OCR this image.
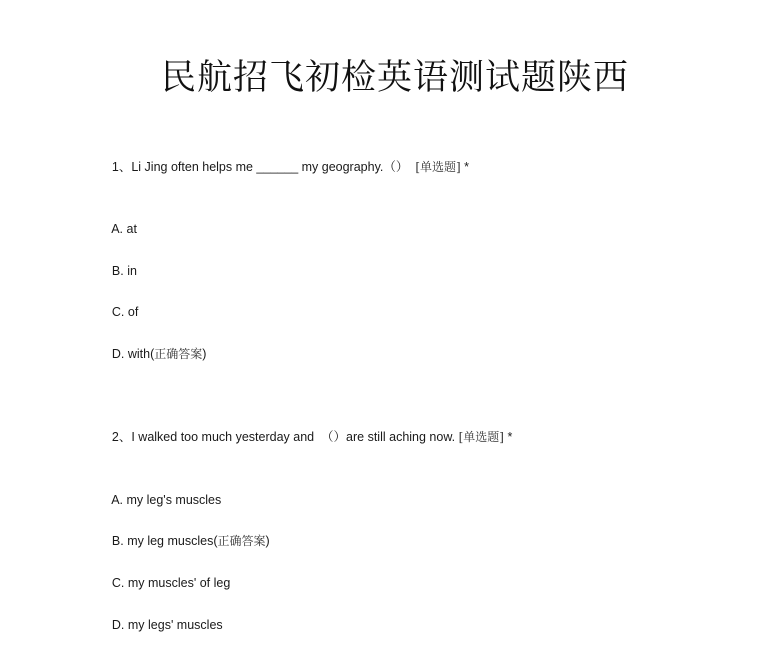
民航招飞初检英语测试题陕西

1、Li Jing often helps me ______ my geography.（）  [单选题] *

A. at

B. in

C. of

D. with(正确答案)

2、I walked too much yesterday and  （）are still aching now. [单选题] *

A. my leg's muscles

B. my leg muscles(正确答案)

C. my muscles' of leg

D. my legs' muscles
